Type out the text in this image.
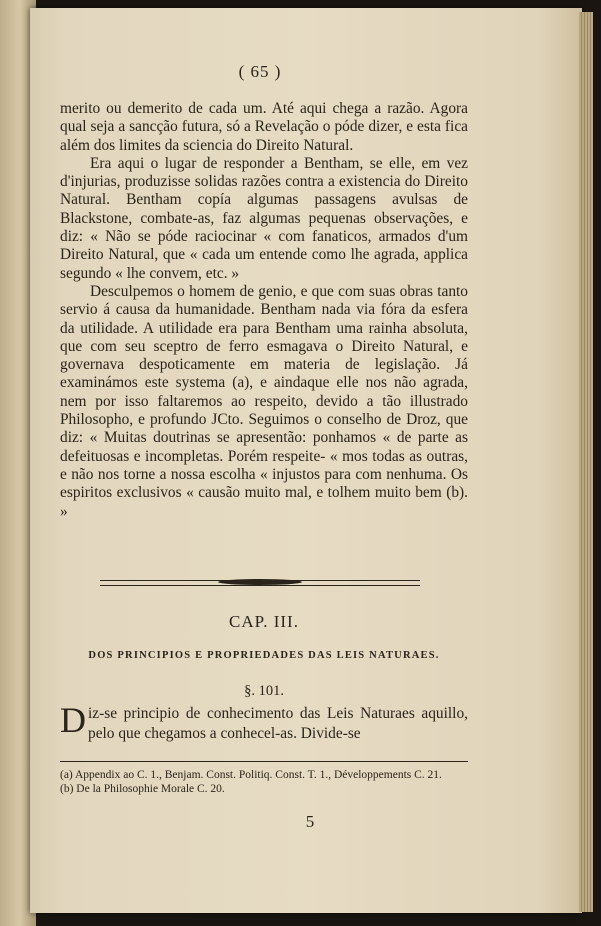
( 65 )

merito ou demerito de cada um. Até aqui chega a razão. Agora qual seja a sancção futura, só a Revelação o póde dizer, e esta fica além dos limites da sciencia do Direito Natural.

Era aqui o lugar de responder a Bentham, se elle, em vez d'injurias, produzisse solidas razões contra a existencia do Direito Natural. Bentham copía algumas passagens avulsas de Blackstone, combate-as, faz algumas pequenas observações, e diz: « Não se póde raciocinar « com fanaticos, armados d'um Direito Natural, que « cada um entende como lhe agrada, applica segundo « lhe convem, etc. »

Desculpemos o homem de genio, e que com suas obras tanto servio á causa da humanidade. Bentham nada via fóra da esfera da utilidade. A utilidade era para Bentham uma rainha absoluta, que com seu sceptro de ferro esmagava o Direito Natural, e governava despoticamente em materia de legislação. Já examinámos este systema (a), e aindaque elle nos não agrada, nem por isso faltaremos ao respeito, devido a tão illustrado Philosopho, e profundo JCto. Seguimos o conselho de Droz, que diz: « Muitas doutrinas se apresentão: ponhamos « de parte as defeituosas e incompletas. Porém respeite- « mos todas as outras, e não nos torne a nossa escolha « injustos para com nenhuma. Os espiritos exclusivos « causão muito mal, e tolhem muito bem (b). »

CAP. III.
DOS PRINCIPIOS E PROPRIEDADES DAS LEIS NATURAES.
§. 101.
Diz-se principio de conhecimento das Leis Naturaes aquillo, pelo que chegamos a conhecel-as. Divide-se

(a) Appendix ao C. 1., Benjam. Const. Politiq. Const. T. 1., Développements C. 21.

(b) De la Philosophie Morale C. 20.

5
